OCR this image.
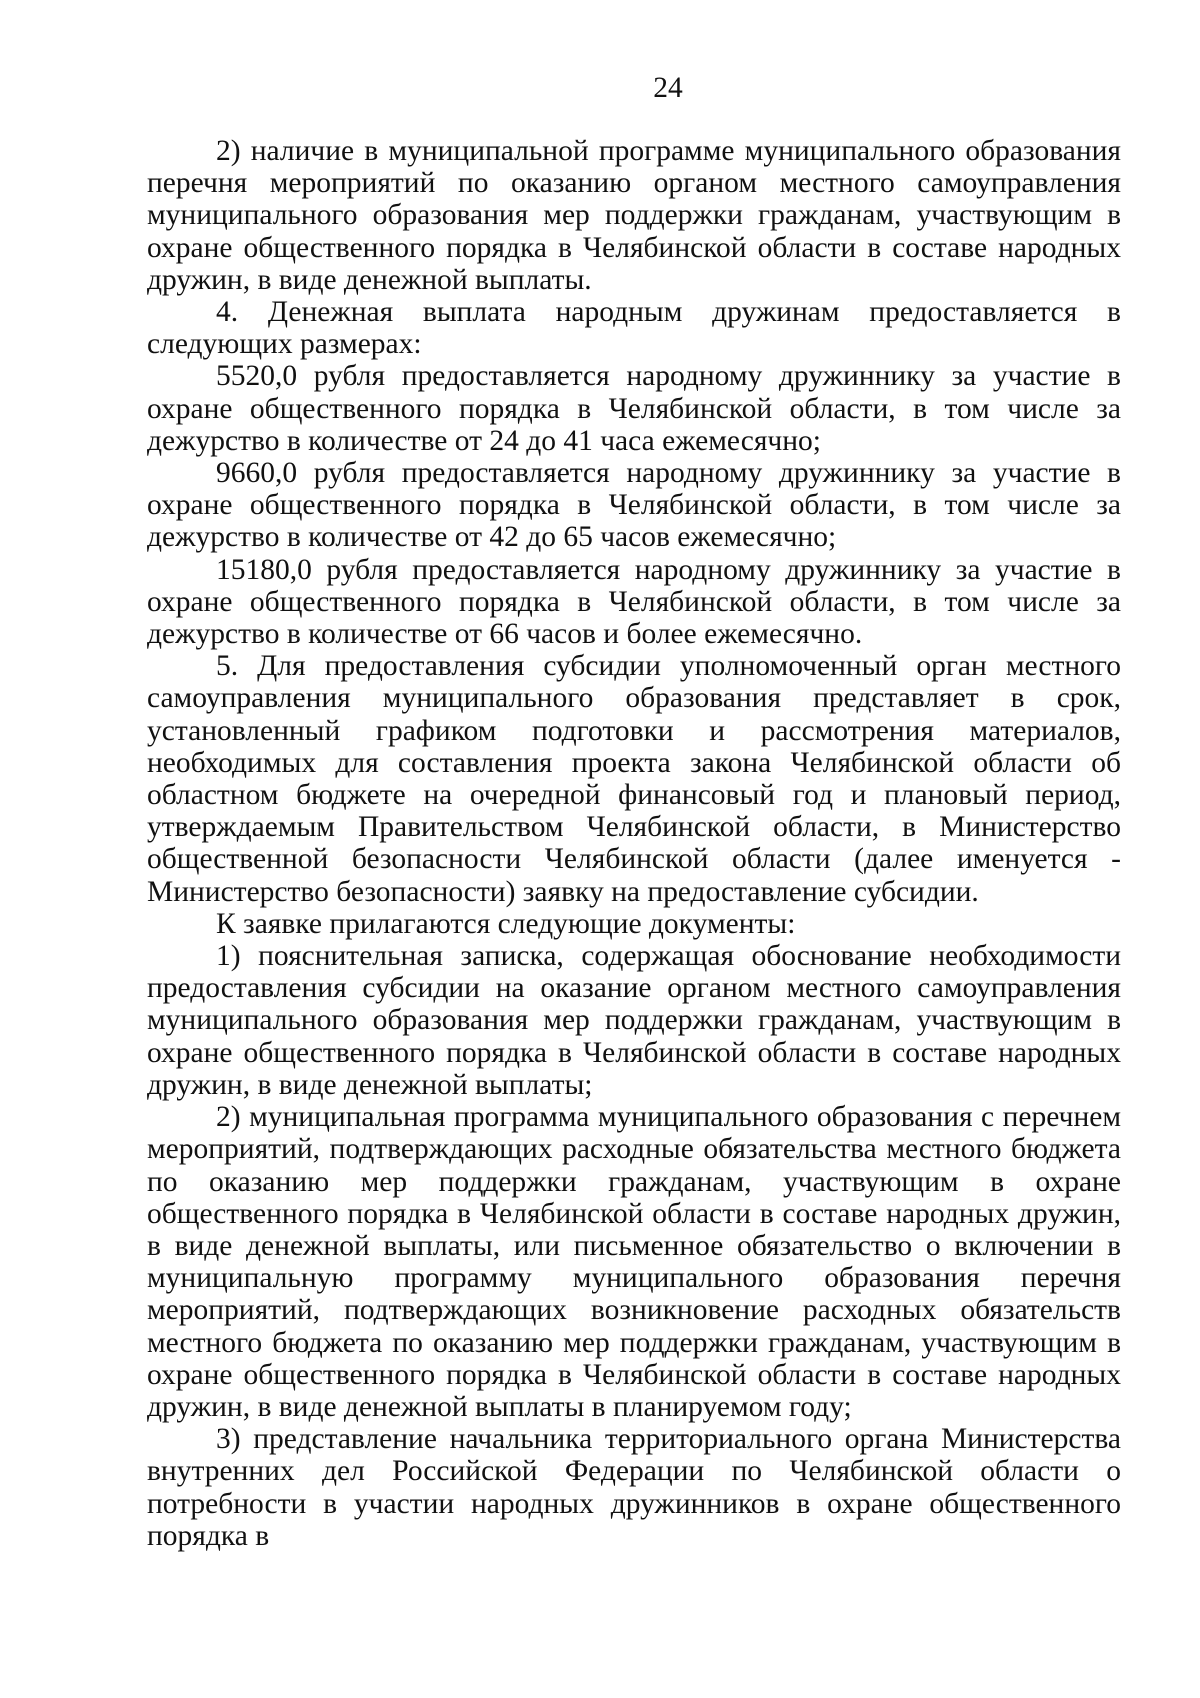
24

2) наличие в муниципальной программе муниципального образования перечня мероприятий по оказанию органом местного самоуправления муниципального образования мер поддержки гражданам, участвующим в охране общественного порядка в Челябинской области в составе народных дружин, в виде денежной выплаты.

4. Денежная выплата народным дружинам предоставляется в следующих размерах:

5520,0 рубля предоставляется народному дружиннику за участие в охране общественного порядка в Челябинской области, в том числе за дежурство в количестве от 24 до 41 часа ежемесячно;

9660,0 рубля предоставляется народному дружиннику за участие в охране общественного порядка в Челябинской области, в том числе за дежурство в количестве от 42 до 65 часов ежемесячно;

15180,0 рубля предоставляется народному дружиннику за участие в охране общественного порядка в Челябинской области, в том числе за дежурство в количестве от 66 часов и более ежемесячно.

5. Для предоставления субсидии уполномоченный орган местного самоуправления муниципального образования представляет в срок, установленный графиком подготовки и рассмотрения материалов, необходимых для составления проекта закона Челябинской области об областном бюджете на очередной финансовый год и плановый период, утверждаемым Правительством Челябинской области, в Министерство общественной безопасности Челябинской области (далее именуется - Министерство безопасности) заявку на предоставление субсидии.

К заявке прилагаются следующие документы:

1) пояснительная записка, содержащая обоснование необходимости предоставления субсидии на оказание органом местного самоуправления муниципального образования мер поддержки гражданам, участвующим в охране общественного порядка в Челябинской области в составе народных дружин, в виде денежной выплаты;

2) муниципальная программа муниципального образования с перечнем мероприятий, подтверждающих расходные обязательства местного бюджета по оказанию мер поддержки гражданам, участвующим в охране общественного порядка в Челябинской области в составе народных дружин, в виде денежной выплаты, или письменное обязательство о включении в муниципальную программу муниципального образования перечня мероприятий, подтверждающих возникновение расходных обязательств местного бюджета по оказанию мер поддержки гражданам, участвующим в охране общественного порядка в Челябинской области в составе народных дружин, в виде денежной выплаты в планируемом году;

3) представление начальника территориального органа Министерства внутренних дел Российской Федерации по Челябинской области о потребности в участии народных дружинников в охране общественного порядка в
